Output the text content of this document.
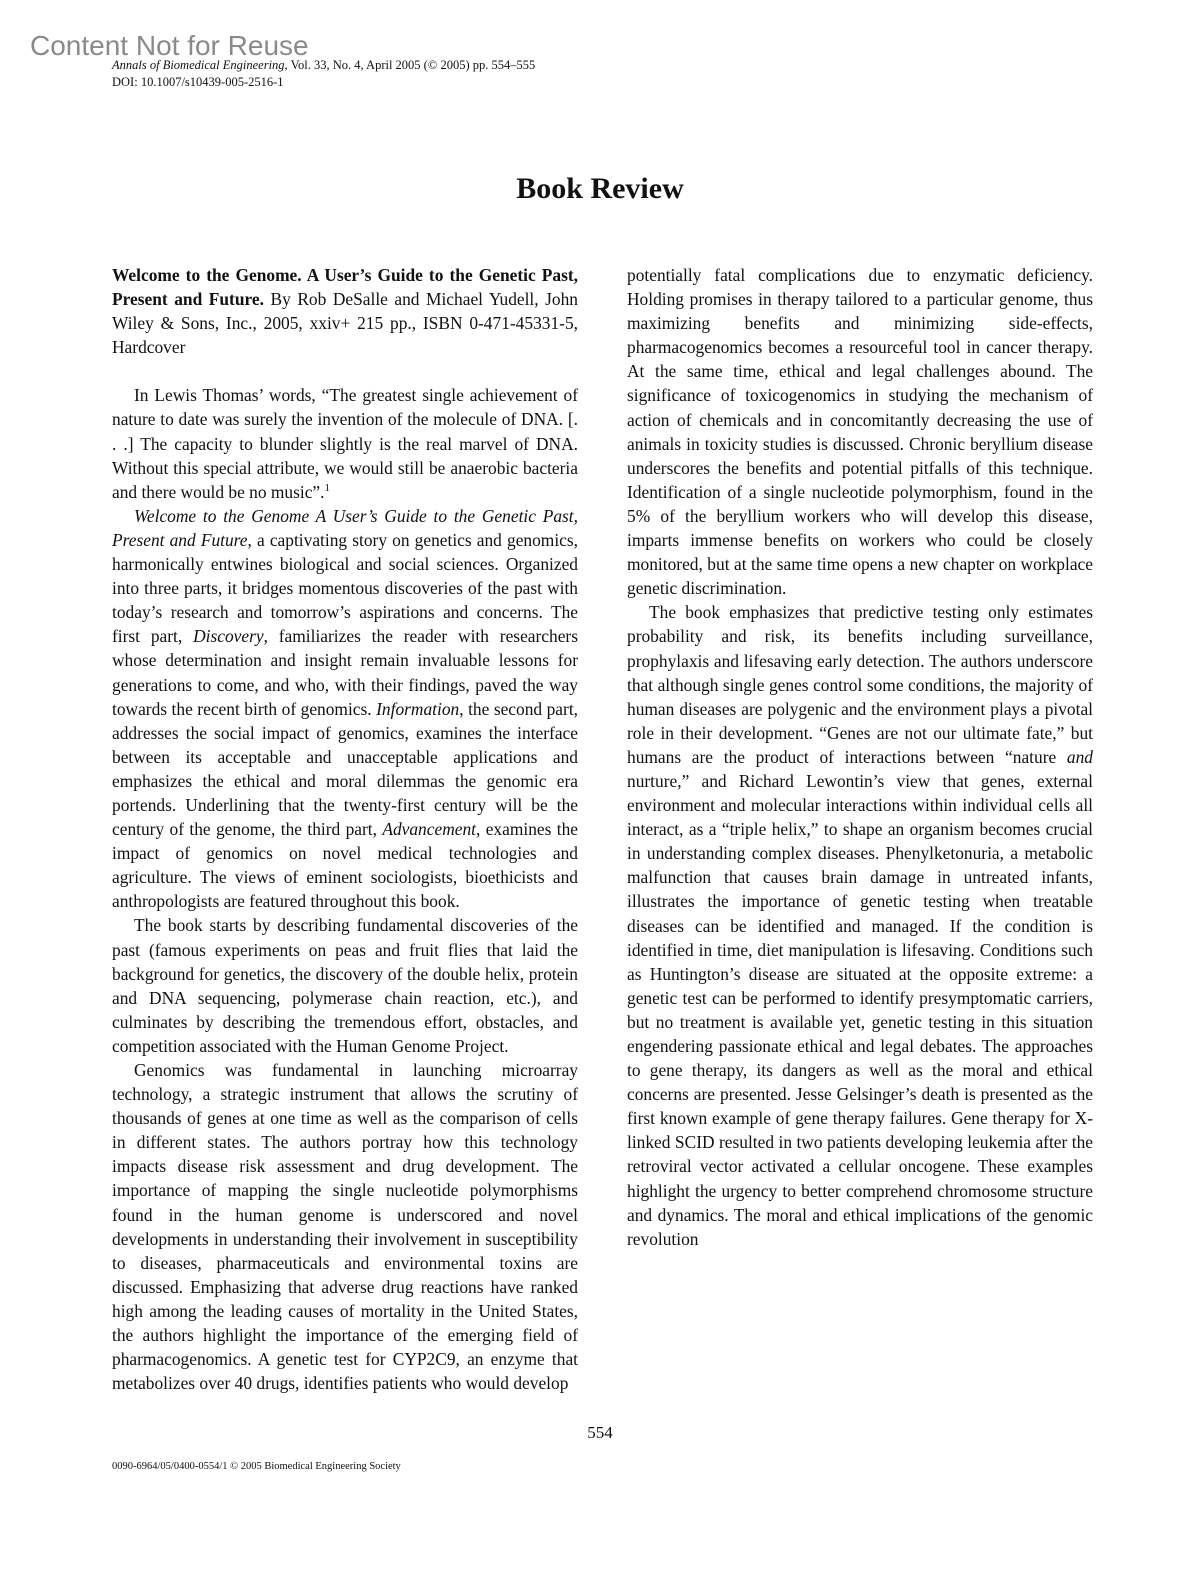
Content Not for Reuse
Annals of Biomedical Engineering, Vol. 33, No. 4, April 2005 (© 2005) pp. 554–555
DOI: 10.1007/s10439-005-2516-1
Book Review

Welcome to the Genome. A User’s Guide to the Genetic Past, Present and Future. By Rob DeSalle and Michael Yudell, John Wiley & Sons, Inc., 2005, xxiv+ 215 pp., ISBN 0-471-45331-5, Hardcover

In Lewis Thomas’ words, “The greatest single achievement of nature to date was surely the invention of the molecule of DNA. [. . .] The capacity to blunder slightly is the real marvel of DNA. Without this special attribute, we would still be anaerobic bacteria and there would be no music”.$^1$

Welcome to the Genome A User’s Guide to the Genetic Past, Present and Future, a captivating story on genetics and genomics, harmonically entwines biological and social sciences. Organized into three parts, it bridges momentous discoveries of the past with today’s research and tomorrow’s aspirations and concerns. The first part, Discovery, familiarizes the reader with researchers whose determination and insight remain invaluable lessons for generations to come, and who, with their findings, paved the way towards the recent birth of genomics. Information, the second part, addresses the social impact of genomics, examines the interface between its acceptable and unacceptable applications and emphasizes the ethical and moral dilemmas the genomic era portends. Underlining that the twenty-first century will be the century of the genome, the third part, Advancement, examines the impact of genomics on novel medical technologies and agriculture. The views of eminent sociologists, bioethicists and anthropologists are featured throughout this book.

The book starts by describing fundamental discoveries of the past (famous experiments on peas and fruit flies that laid the background for genetics, the discovery of the double helix, protein and DNA sequencing, polymerase chain reaction, etc.), and culminates by describing the tremendous effort, obstacles, and competition associated with the Human Genome Project.

Genomics was fundamental in launching microarray technology, a strategic instrument that allows the scrutiny of thousands of genes at one time as well as the comparison of cells in different states. The authors portray how this technology impacts disease risk assessment and drug development. The importance of mapping the single nucleotide polymorphisms found in the human genome is underscored and novel developments in understanding their involvement in susceptibility to diseases, pharmaceuticals and environmental toxins are discussed. Emphasizing that adverse drug reactions have ranked high among the leading causes of mortality in the United States, the authors highlight the importance of the emerging field of pharmacogenomics. A genetic test for CYP2C9, an enzyme that metabolizes over 40 drugs, identifies patients who would develop

potentially fatal complications due to enzymatic deficiency. Holding promises in therapy tailored to a particular genome, thus maximizing benefits and minimizing side-effects, pharmacogenomics becomes a resourceful tool in cancer therapy. At the same time, ethical and legal challenges abound. The significance of toxicogenomics in studying the mechanism of action of chemicals and in concomitantly decreasing the use of animals in toxicity studies is discussed. Chronic beryllium disease underscores the benefits and potential pitfalls of this technique. Identification of a single nucleotide polymorphism, found in the 5% of the beryllium workers who will develop this disease, imparts immense benefits on workers who could be closely monitored, but at the same time opens a new chapter on workplace genetic discrimination.

The book emphasizes that predictive testing only estimates probability and risk, its benefits including surveillance, prophylaxis and lifesaving early detection. The authors underscore that although single genes control some conditions, the majority of human diseases are polygenic and the environment plays a pivotal role in their development. “Genes are not our ultimate fate,” but humans are the product of interactions between “nature and nurture,” and Richard Lewontin’s view that genes, external environment and molecular interactions within individual cells all interact, as a “triple helix,” to shape an organism becomes crucial in understanding complex diseases. Phenylketonuria, a metabolic malfunction that causes brain damage in untreated infants, illustrates the importance of genetic testing when treatable diseases can be identified and managed. If the condition is identified in time, diet manipulation is lifesaving. Conditions such as Huntington’s disease are situated at the opposite extreme: a genetic test can be performed to identify presymptomatic carriers, but no treatment is available yet, genetic testing in this situation engendering passionate ethical and legal debates. The approaches to gene therapy, its dangers as well as the moral and ethical concerns are presented. Jesse Gelsinger’s death is presented as the first known example of gene therapy failures. Gene therapy for X-linked SCID resulted in two patients developing leukemia after the retroviral vector activated a cellular oncogene. These examples highlight the urgency to better comprehend chromosome structure and dynamics. The moral and ethical implications of the genomic revolution

554
0090-6964/05/0400-0554/1 © 2005 Biomedical Engineering Society
